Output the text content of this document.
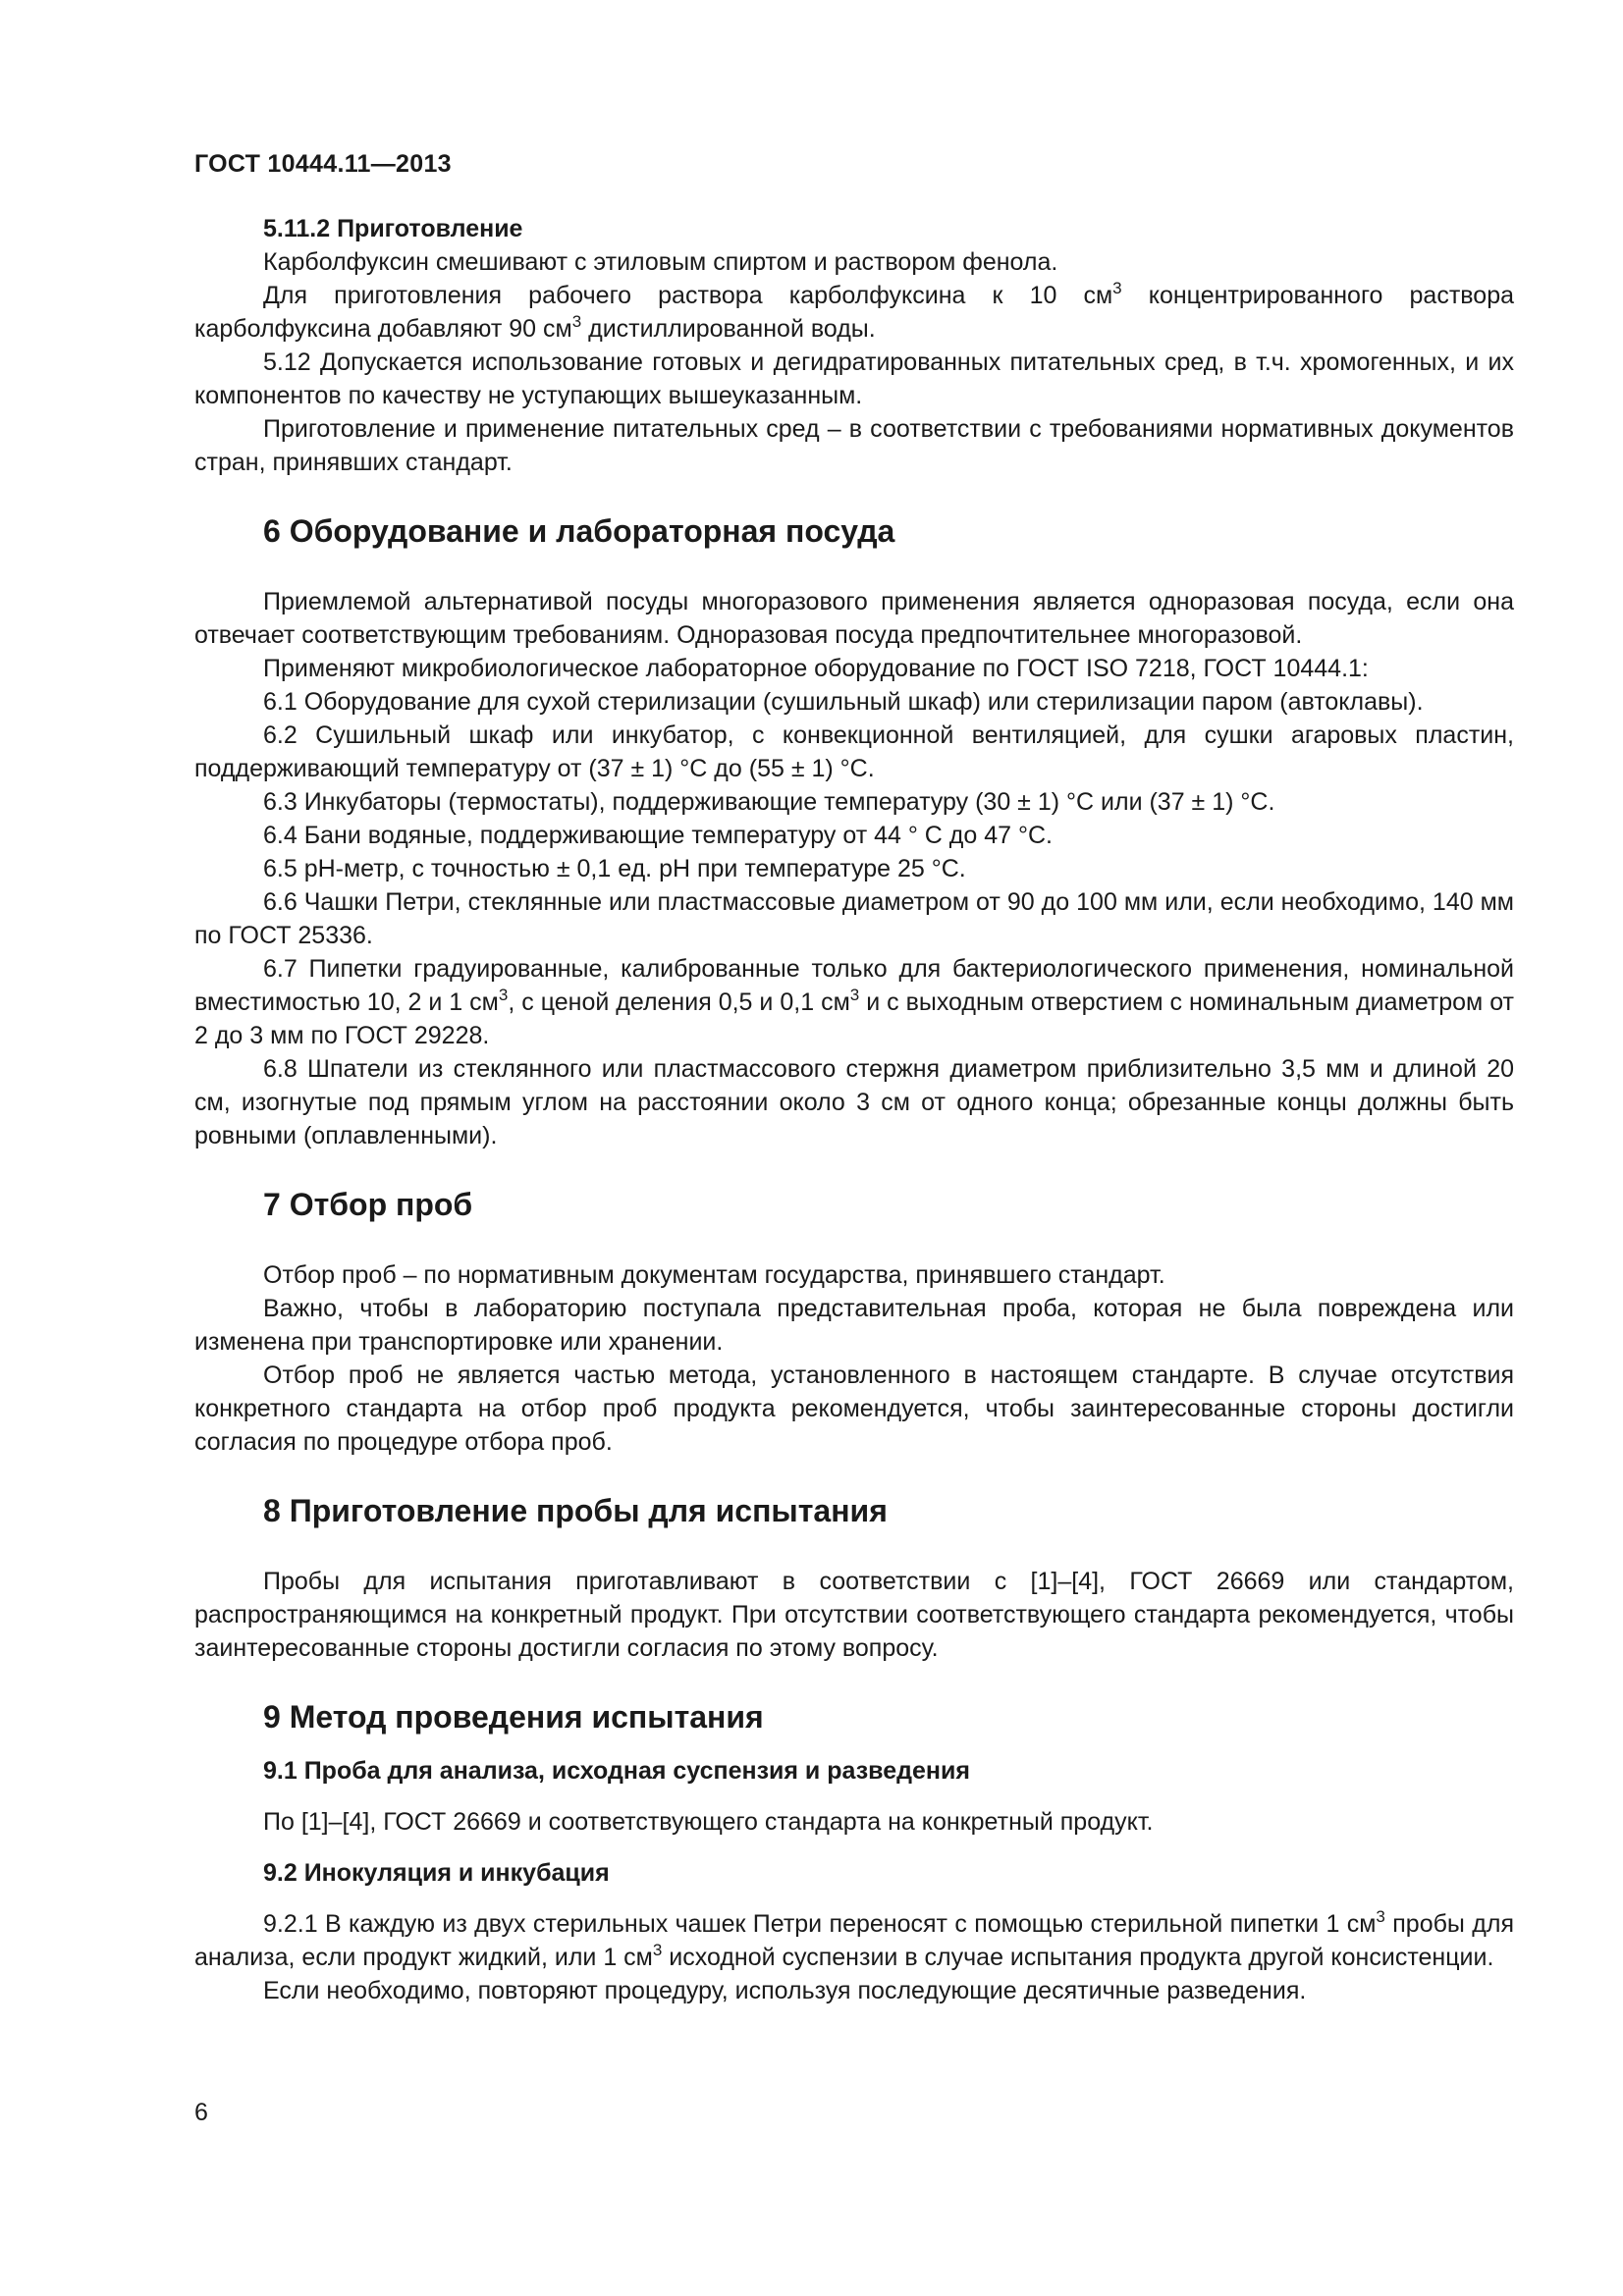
ГОСТ 10444.11—2013
5.11.2 Приготовление

Карболфуксин смешивают с этиловым спиртом и раствором фенола.

Для приготовления рабочего раствора карболфуксина к 10 $см^3$ концентрированного раствора карболфуксина добавляют 90 $см^3$ дистиллированной воды.

5.12 Допускается использование готовых и дегидратированных питательных сред, в т.ч. хромогенных, и их компонентов по качеству не уступающих вышеуказанным.

Приготовление и применение питательных сред – в соответствии с требованиями нормативных документов стран, принявших стандарт.

6 Оборудование и лабораторная посуда

Приемлемой альтернативой посуды многоразового применения является одноразовая посуда, если она отвечает соответствующим требованиям. Одноразовая посуда предпочтительнее многоразовой.

Применяют микробиологическое лабораторное оборудование по ГОСТ ISO 7218, ГОСТ 10444.1:

6.1 Оборудование для сухой стерилизации (сушильный шкаф) или стерилизации паром (автоклавы).

6.2 Сушильный шкаф или инкубатор, с конвекционной вентиляцией, для сушки агаровых пластин, поддерживающий температуру от (37 ± 1) °С до (55 ± 1) °С.

6.3 Инкубаторы (термостаты), поддерживающие температуру (30 ± 1) °С или (37 ± 1) °С.

6.4 Бани водяные, поддерживающие температуру от 44 ° С до 47 °С.

6.5 рН-метр, с точностью ± 0,1 ед. рН при температуре 25 °С.

6.6 Чашки Петри, стеклянные или пластмассовые диаметром от 90 до 100 мм или, если необходимо, 140 мм по ГОСТ 25336.

6.7 Пипетки градуированные, калиброванные только для бактериологического применения, номинальной вместимостью 10, 2 и 1 $см^3$, с ценой деления 0,5 и 0,1 $см^3$ и с выходным отверстием с номинальным диаметром от 2 до 3 мм по ГОСТ 29228.

6.8 Шпатели из стеклянного или пластмассового стержня диаметром приблизительно 3,5 мм и длиной 20 см, изогнутые под прямым углом на расстоянии около 3 см от одного конца; обрезанные концы должны быть ровными (оплавленными).

7 Отбор проб

Отбор проб – по нормативным документам государства, принявшего стандарт.

Важно, чтобы в лабораторию поступала представительная проба, которая не была повреждена или изменена при транспортировке или хранении.

Отбор проб не является частью метода, установленного в настоящем стандарте. В случае отсутствия конкретного стандарта на отбор проб продукта рекомендуется, чтобы заинтересованные стороны достигли согласия по процедуре отбора проб.

8 Приготовление пробы для испытания

Пробы для испытания приготавливают в соответствии с [1]–[4], ГОСТ 26669 или стандартом, распространяющимся на конкретный продукт. При отсутствии соответствующего стандарта рекомендуется, чтобы заинтересованные стороны достигли согласия по этому вопросу.

9 Метод проведения испытания
9.1 Проба для анализа, исходная суспензия и разведения

По [1]–[4], ГОСТ 26669 и соответствующего стандарта на конкретный продукт.

9.2 Инокуляция и инкубация

9.2.1 В каждую из двух стерильных чашек Петри переносят с помощью стерильной пипетки 1 $см^3$ пробы для анализа, если продукт жидкий, или 1 $см^3$ исходной суспензии в случае испытания продукта другой консистенции.

Если необходимо, повторяют процедуру, используя последующие десятичные разведения.

6
